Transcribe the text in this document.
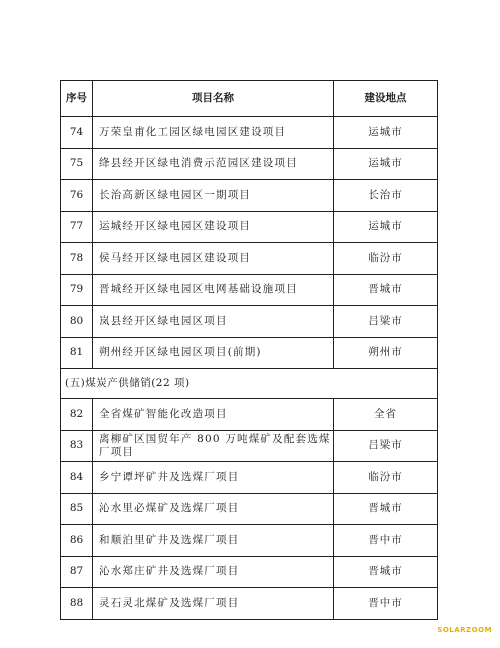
序号	项目名称	建设地点
74	万荣皇甫化工园区绿电园区建设项目	运城市
75	绛县经开区绿电消费示范园区建设项目	运城市
76	长治高新区绿电园区一期项目	长治市
77	运城经开区绿电园区建设项目	运城市
78	侯马经开区绿电园区建设项目	临汾市
79	晋城经开区绿电园区电网基础设施项目	晋城市
80	岚县经开区绿电园区项目	吕梁市
81	朔州经开区绿电园区项目(前期)	朔州市
(五)煤炭产供储销(22 项)		
82	全省煤矿智能化改造项目	全省
83	离柳矿区国贸年产 800 万吨煤矿及配套选煤厂项目	吕梁市
84	乡宁谭坪矿井及选煤厂项目	临汾市
85	沁水里必煤矿及选煤厂项目	晋城市
86	和顺泊里矿井及选煤厂项目	晋中市
87	沁水郑庄矿井及选煤厂项目	晋城市
88	灵石灵北煤矿及选煤厂项目	晋中市
SOLARZOOM
